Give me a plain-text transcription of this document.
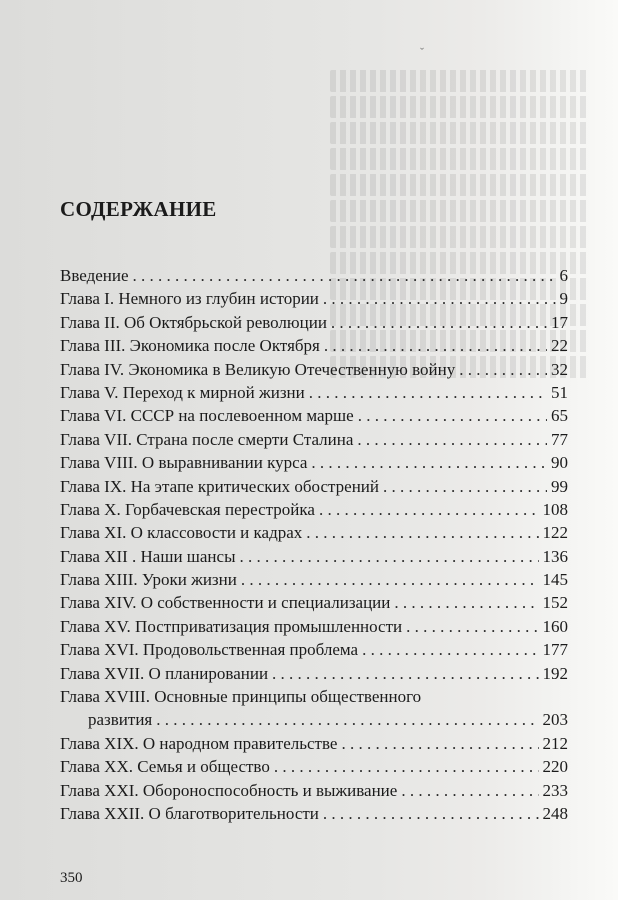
ˇ
СОДЕРЖАНИЕ
Введение . . .	6
Глава I. Немного из глубин истории . . .	9
Глава II. Об Октябрьской революции . . .	17
Глава III. Экономика после Октября . . .	22
Глава IV. Экономика в Великую Отечественную войну . . .	32
Глава V. Переход к мирной жизни . . .	51
Глава VI. СССР на послевоенном марше . . .	65
Глава VII. Страна после смерти Сталина . . .	77
Глава VIII. О выравнивании курса . . .	90
Глава IX. На этапе критических обострений . . .	99
Глава X. Горбачевская перестройка . . .	108
Глава XI. О классовости и кадрах . . .	122
Глава XII . Наши шансы . . .	136
Глава XIII. Уроки жизни . . .	145
Глава XIV. О собственности и специализации . . .	152
Глава XV. Постприватизация промышленности . . .	160
Глава XVI. Продовольственная проблема . . .	177
Глава XVII. О планировании . . .	192
Глава XVIII. Основные принципы общественного
развития . . .	203
Глава XIX. О народном правительстве . . .	212
Глава XX. Семья и общество . . .	220
Глава XXI. Обороноспособность и выживание . . .	233
Глава XXII. О благотворительности . . .	248
350
